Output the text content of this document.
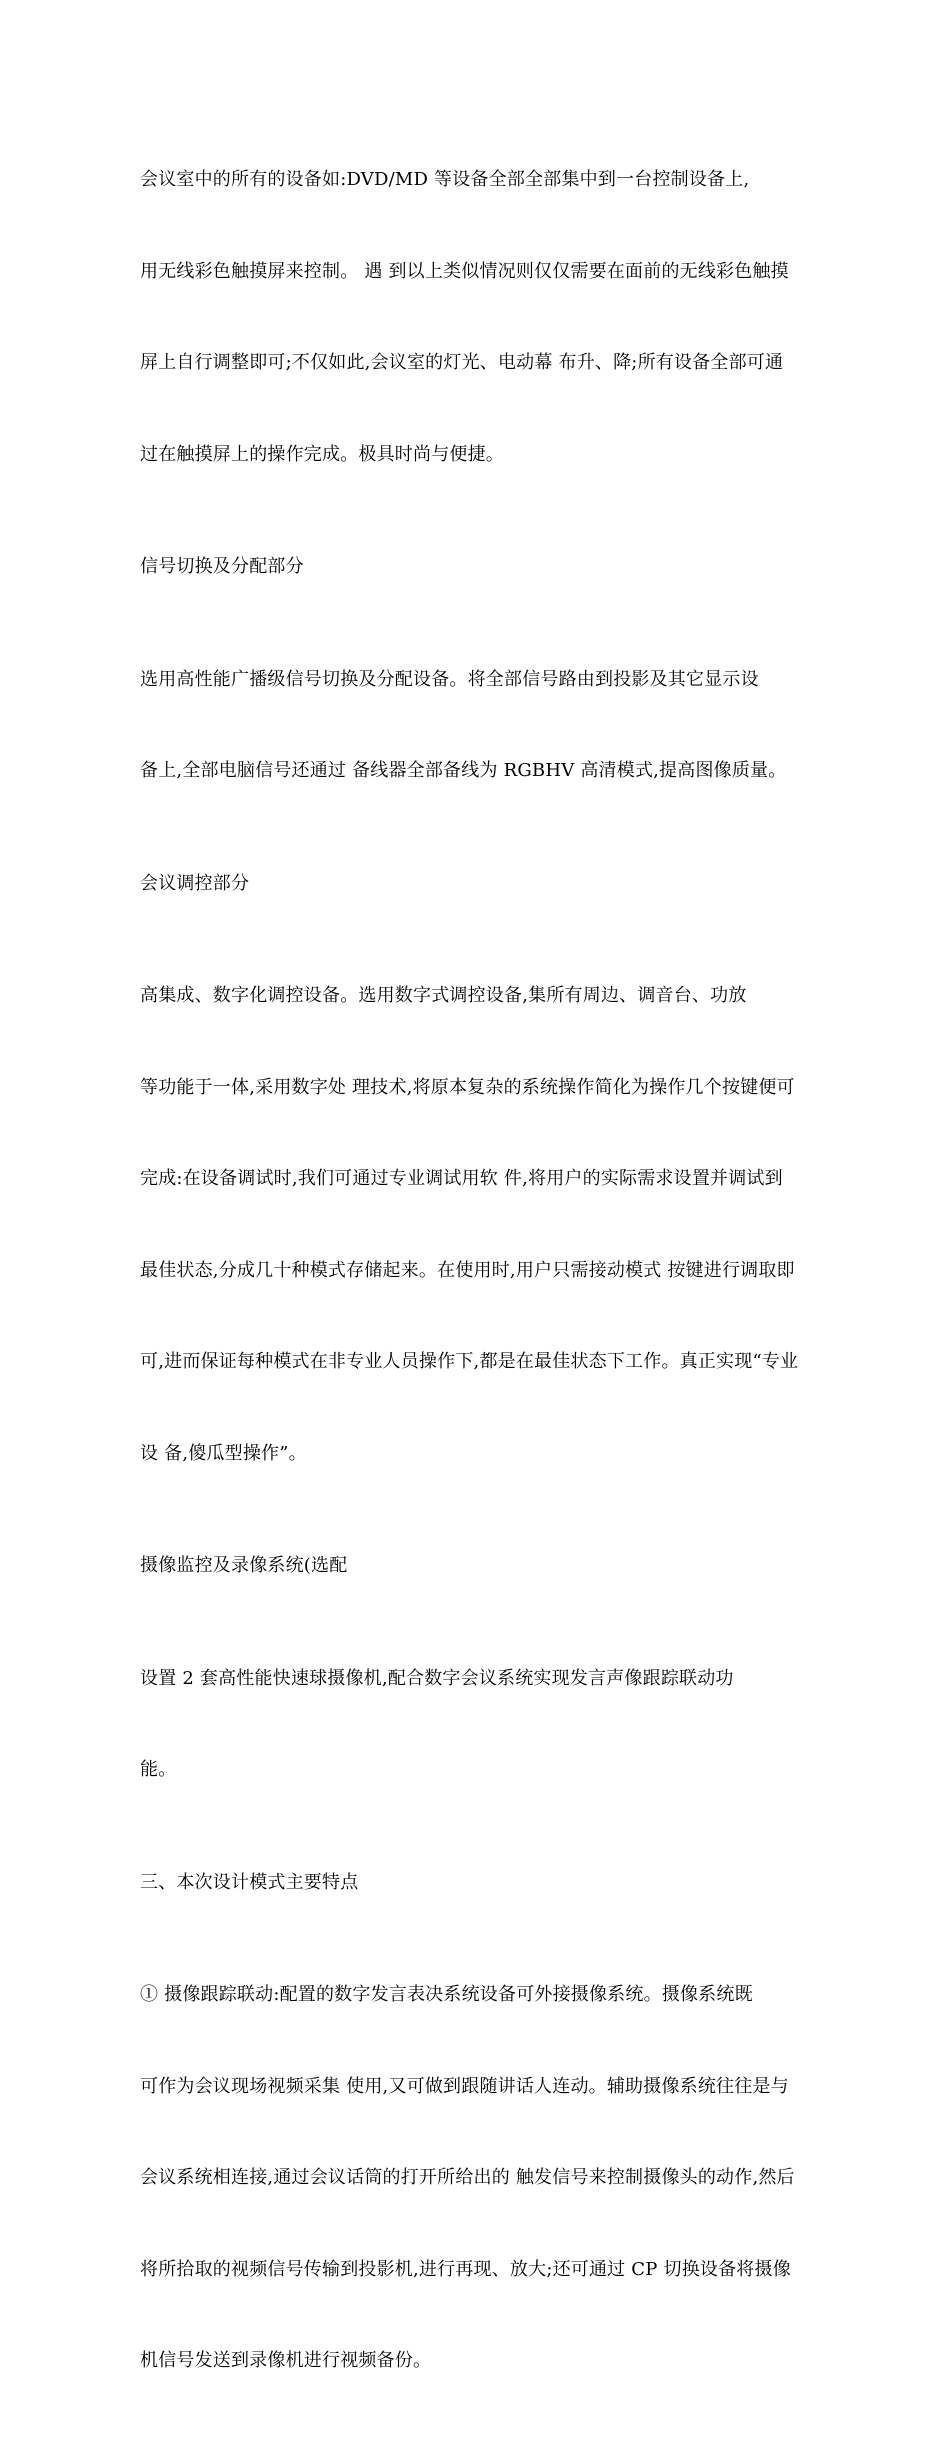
会议室中的所有的设备如:DVD/MD 等设备全部全部集中到一台控制设备上,

用无线彩色触摸屏来控制。 遇 到以上类似情况则仅仅需要在面前的无线彩色触摸

屏上自行调整即可;不仅如此,会议室的灯光、电动幕 布升、降;所有设备全部可通

过在触摸屏上的操作完成。极具时尚与便捷。

信号切换及分配部分

选用高性能广播级信号切换及分配设备。将全部信号路由到投影及其它显示设

备上,全部电脑信号还通过 备线器全部备线为 RGBHV 高清模式,提高图像质量。

会议调控部分

高集成、数字化调控设备。选用数字式调控设备,集所有周边、调音台、功放

等功能于一体,采用数字处 理技术,将原本复杂的系统操作简化为操作几个按键便可

完成:在设备调试时,我们可通过专业调试用软 件,将用户的实际需求设置并调试到

最佳状态,分成几十种模式存储起来。在使用时,用户只需接动模式 按键进行调取即

可,进而保证每种模式在非专业人员操作下,都是在最佳状态下工作。真正实现“专业

设 备,傻瓜型操作”。

摄像监控及录像系统(选配

设置 2 套高性能快速球摄像机,配合数字会议系统实现发言声像跟踪联动功

能。

三、本次设计模式主要特点

① 摄像跟踪联动:配置的数字发言表决系统设备可外接摄像系统。摄像系统既

可作为会议现场视频采集 使用,又可做到跟随讲话人连动。辅助摄像系统往往是与

会议系统相连接,通过会议话筒的打开所给出的 触发信号来控制摄像头的动作,然后

将所拾取的视频信号传输到投影机,进行再现、放大;还可通过 CP 切换设备将摄像

机信号发送到录像机进行视频备份。
